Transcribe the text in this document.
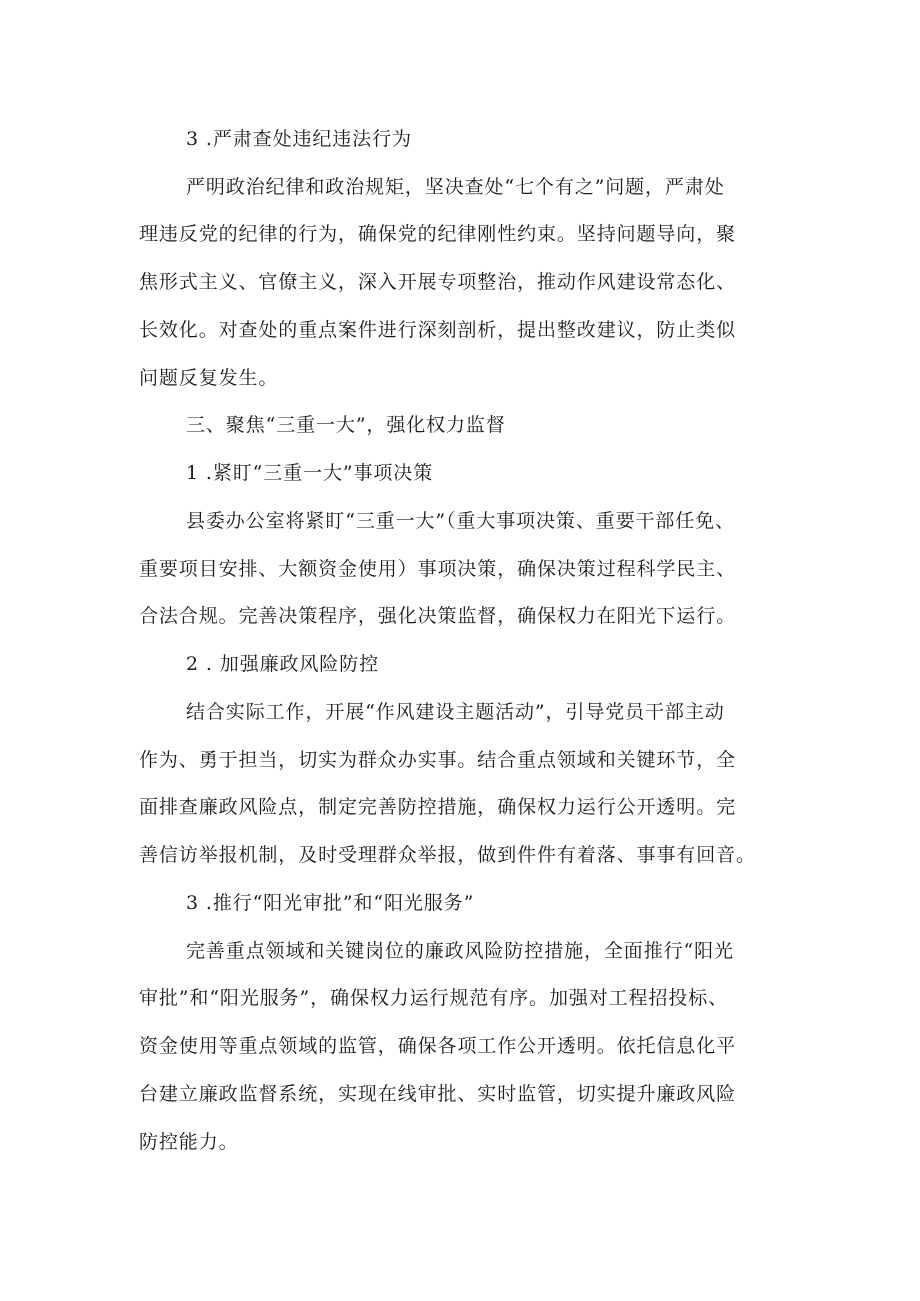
3 .严肃查处违纪违法行为
严明政治纪律和政治规矩，坚决查处“七个有之”问题，严肃处
理违反党的纪律的行为，确保党的纪律刚性约束。坚持问题导向，聚
焦形式主义、官僚主义，深入开展专项整治，推动作风建设常态化、
长效化。对查处的重点案件进行深刻剖析，提出整改建议，防止类似
问题反复发生。
三、聚焦“三重一大”，强化权力监督
1 .紧盯“三重一大”事项决策
县委办公室将紧盯“三重一大”（重大事项决策、重要干部任免、
重要项目安排、大额资金使用）事项决策，确保决策过程科学民主、
合法合规。完善决策程序，强化决策监督，确保权力在阳光下运行。
2 . 加强廉政风险防控
结合实际工作，开展“作风建设主题活动”，引导党员干部主动
作为、勇于担当，切实为群众办实事。结合重点领域和关键环节，全
面排查廉政风险点，制定完善防控措施，确保权力运行公开透明。完
善信访举报机制，及时受理群众举报，做到件件有着落、事事有回音。
3 .推行“阳光审批”和“阳光服务”
完善重点领域和关键岗位的廉政风险防控措施，全面推行“阳光
审批”和“阳光服务”，确保权力运行规范有序。加强对工程招投标、
资金使用等重点领域的监管，确保各项工作公开透明。依托信息化平
台建立廉政监督系统，实现在线审批、实时监管，切实提升廉政风险
防控能力。
